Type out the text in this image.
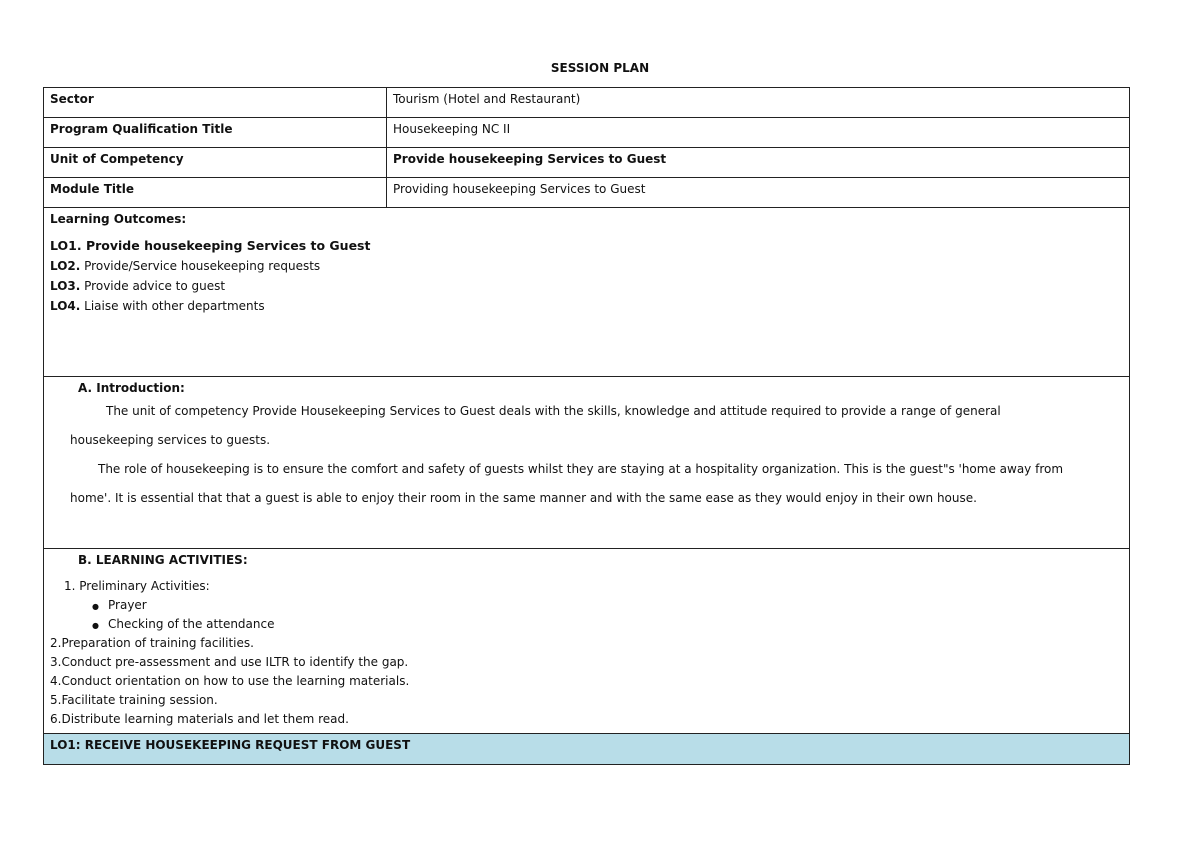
SESSION PLAN
Sector	Tourism (Hotel and Restaurant)
Program Qualification Title	Housekeeping NC II
Unit of Competency	Provide housekeeping Services to Guest
Module Title	Providing housekeeping Services to Guest
Learning Outcomes:
LO1. Provide housekeeping Services to Guest
LO2. Provide/Service housekeeping requests
LO3. Provide advice to guest
LO4. Liaise with other departments
A. Introduction:
The unit of competency Provide Housekeeping Services to Guest deals with the skills, knowledge and attitude required to provide a range of general
housekeeping services to guests.
The role of housekeeping is to ensure the comfort and safety of guests whilst they are staying at a hospitality organization. This is the guest"s 'home away from
home'. It is essential that that a guest is able to enjoy their room in the same manner and with the same ease as they would enjoy in their own house.
B. LEARNING ACTIVITIES:
1. Preliminary Activities:
● Prayer
● Checking of the attendance
2.Preparation of training facilities.
3.Conduct pre-assessment and use ILTR to identify the gap.
4.Conduct orientation on how to use the learning materials.
5.Facilitate training session.
6.Distribute learning materials and let them read.
LO1: RECEIVE HOUSEKEEPING REQUEST FROM GUEST
